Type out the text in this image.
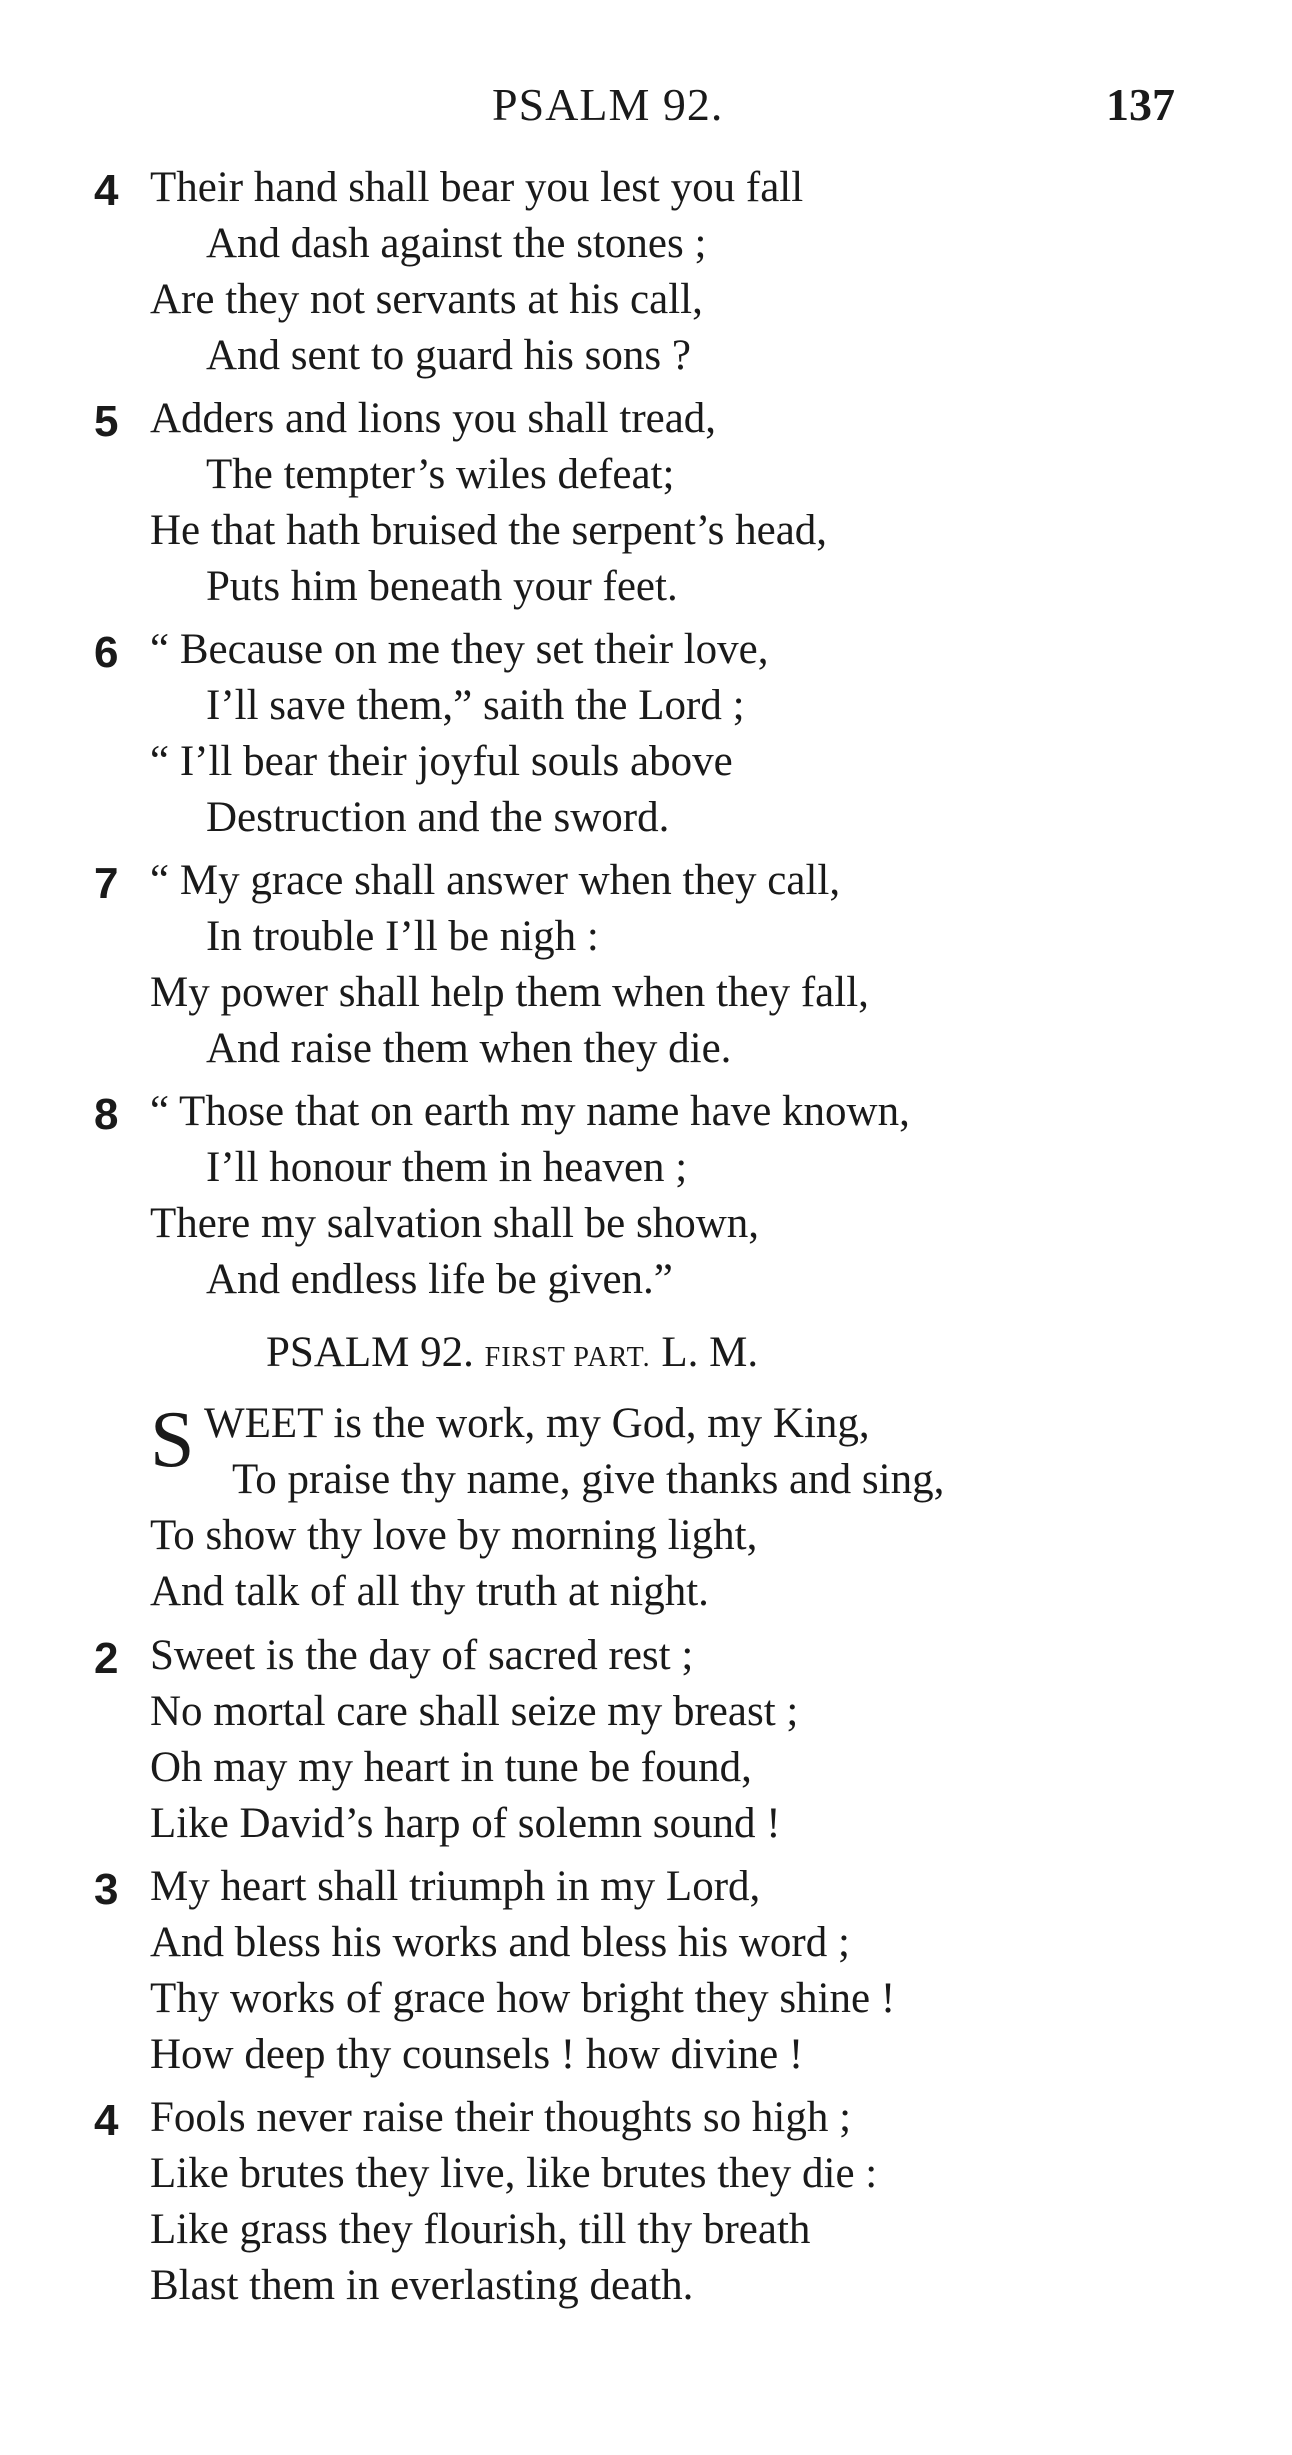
PSALM 92.	137
4 Their hand shall bear you lest you fall
And dash against the stones ;
Are they not servants at his call,
And sent to guard his sons ?
5 Adders and lions you shall tread,
The tempter’s wiles defeat;
He that hath bruised the serpent’s head,
Puts him beneath your feet.
6 “ Because on me they set their love,
I’ll save them,” saith the Lord ;
“ I’ll bear their joyful souls above
Destruction and the sword.
7 “ My grace shall answer when they call,
In trouble I’ll be nigh :
My power shall help them when they fall,
And raise them when they die.
8 “ Those that on earth my name have known,
I’ll honour them in heaven ;
There my salvation shall be shown,
And endless life be given.”
PSALM 92. FIRST PART. L. M.
S WEET is the work, my God, my King,
To praise thy name, give thanks and sing,
To show thy love by morning light,
And talk of all thy truth at night.
2 Sweet is the day of sacred rest ;
No mortal care shall seize my breast ;
Oh may my heart in tune be found,
Like David’s harp of solemn sound !
3 My heart shall triumph in my Lord,
And bless his works and bless his word ;
Thy works of grace how bright they shine !
How deep thy counsels ! how divine !
4 Fools never raise their thoughts so high ;
Like brutes they live, like brutes they die :
Like grass they flourish, till thy breath
Blast them in everlasting death.
